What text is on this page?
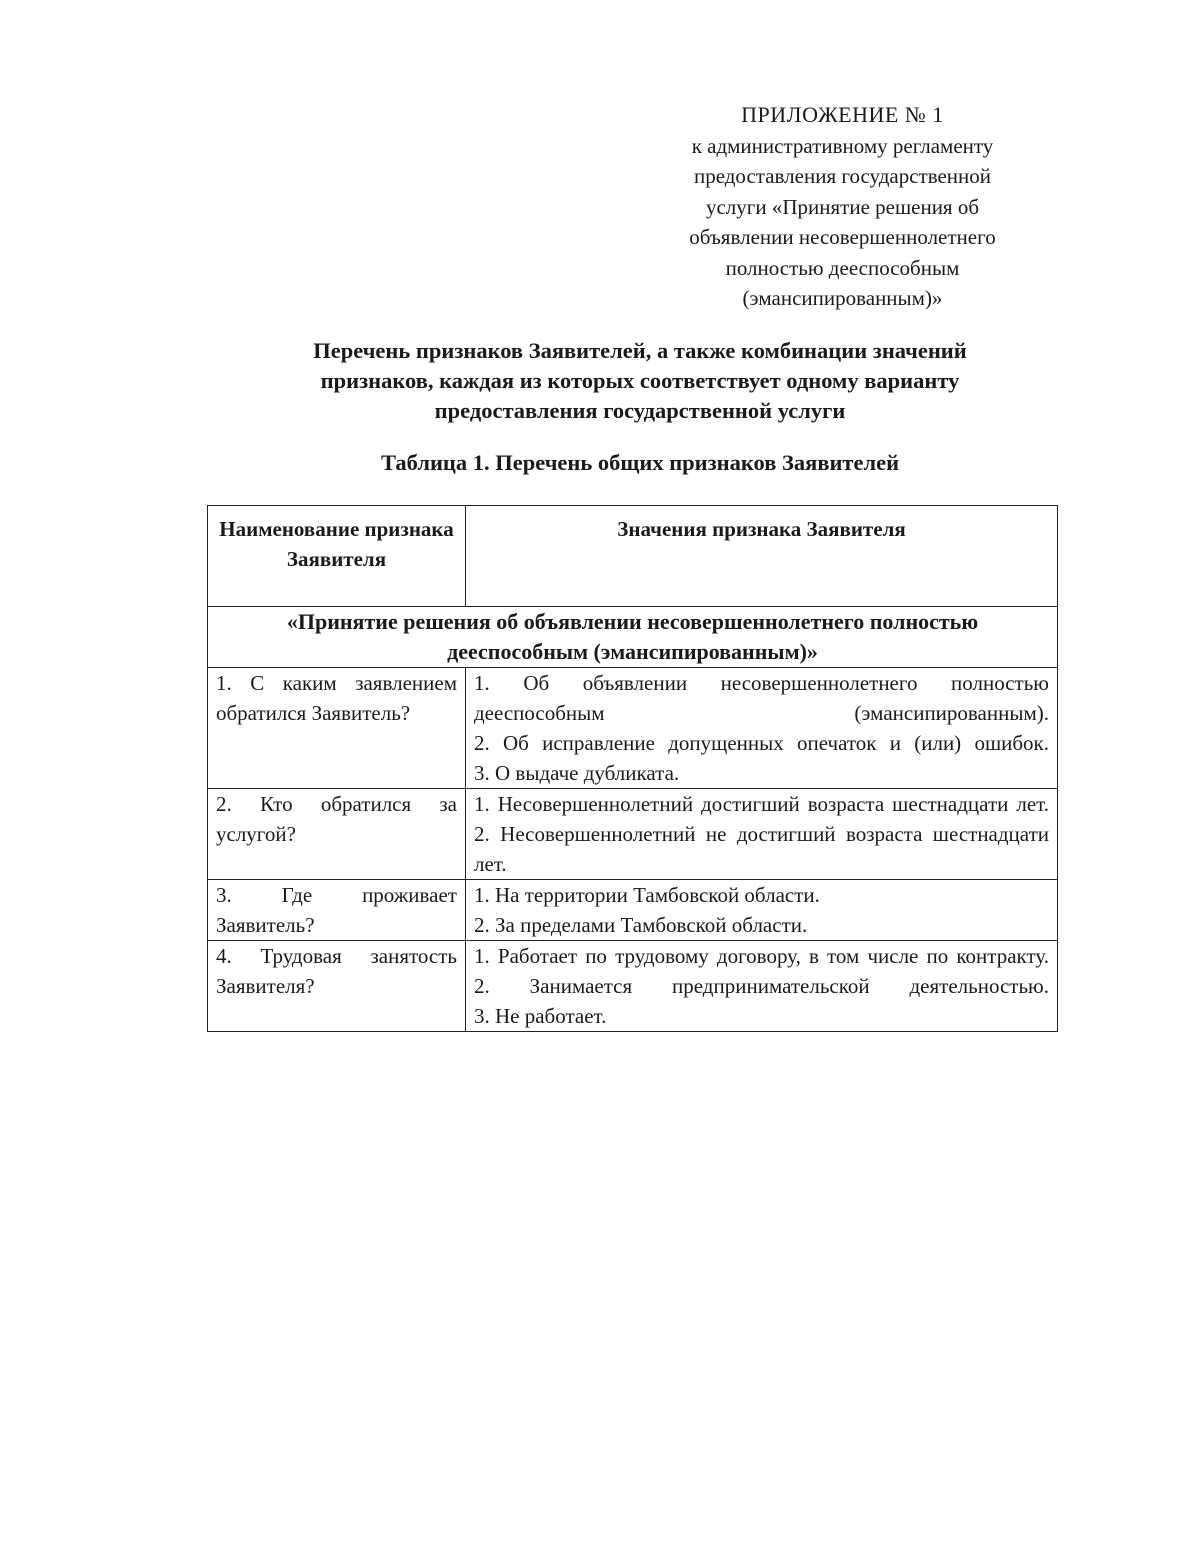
ПРИЛОЖЕНИЕ № 1
к административному регламенту
предоставления государственной
услуги «Принятие решения об
объявлении несовершеннолетнего
полностью дееспособным
(эмансипированным)»
Перечень признаков Заявителей, а также комбинации значений
признаков, каждая из которых соответствует одному варианту
предоставления государственной услуги
Таблица 1. Перечень общих признаков Заявителей
Наименование признака Заявителя	Значения признака Заявителя
«Принятие решения об объявлении несовершеннолетнего полностью дееспособным (эмансипированным)»	
1. С каким заявлением обратился Заявитель?	1. Об объявлении несовершеннолетнего полностью дееспособным (эмансипированным).
2. Об исправление допущенных опечаток и (или) ошибок.
3. О выдаче дубликата.

2. Кто обратился за услугой?	1. Несовершеннолетний достигший возраста шестнадцати лет.
2. Несовершеннолетний не достигший возраста шестнадцати лет.

3. Где проживает Заявитель?	1. На территории Тамбовской области.
2. За пределами Тамбовской области.

4. Трудовая занятость Заявителя?	1. Работает по трудовому договору, в том числе по контракту.
2. Занимается предпринимательской деятельностью.
3. Не работает.
